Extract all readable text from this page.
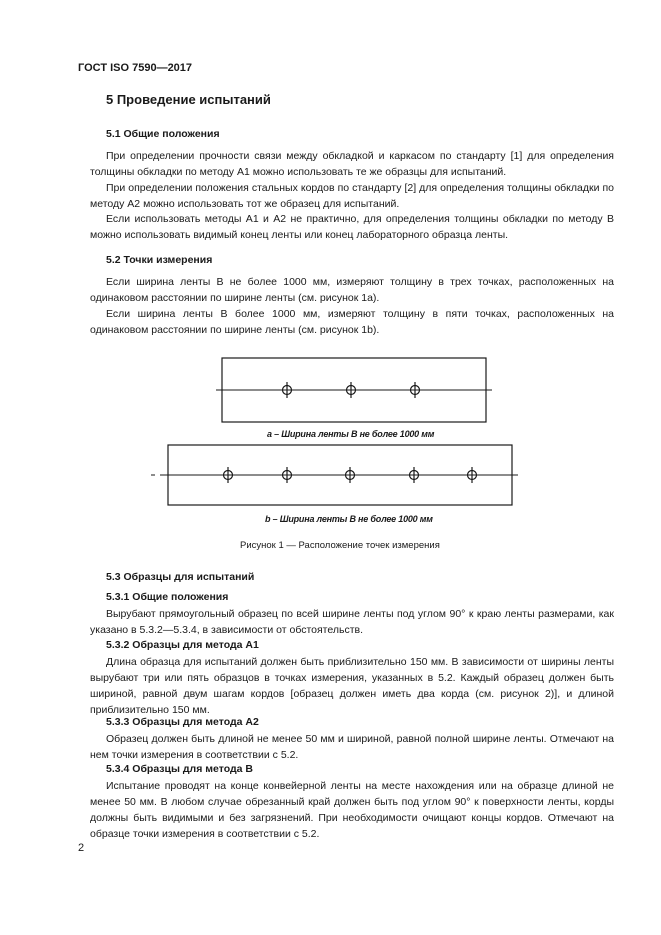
ГОСТ ISO 7590—2017
5 Проведение испытаний
5.1 Общие положения

При определении прочности связи между обкладкой и каркасом по стандарту [1] для определения толщины обкладки по методу А1 можно использовать те же образцы для испытаний.

При определении положения стальных кордов по стандарту [2] для определения толщины обкладки по методу А2 можно использовать тот же образец для испытаний.

Если использовать методы А1 и А2 не практично, для определения толщины обкладки по методу В можно использовать видимый конец ленты или конец лабораторного образца ленты.

5.2 Точки измерения

Если ширина ленты B не более 1000 мм, измеряют толщину в трех точках, расположенных на одинаковом расстоянии по ширине ленты (см. рисунок 1a).

Если ширина ленты B более 1000 мм, измеряют толщину в пяти точках, расположенных на одинаковом расстоянии по ширине ленты (см. рисунок 1b).

a – Ширина ленты B не более 1000 мм
b – Ширина ленты B не более 1000 мм
Рисунок 1 — Расположение точек измерения
5.3 Образцы для испытаний
5.3.1 Общие положения

Вырубают прямоугольный образец по всей ширине ленты под углом 90° к краю ленты размерами, как указано в 5.3.2—5.3.4, в зависимости от обстоятельств.

5.3.2 Образцы для метода А1

Длина образца для испытаний должен быть приблизительно 150 мм. В зависимости от ширины ленты вырубают три или пять образцов в точках измерения, указанных в 5.2. Каждый образец должен быть шириной, равной двум шагам кордов [образец должен иметь два корда (см. рисунок 2)], и длиной приблизительно 150 мм.

5.3.3 Образцы для метода А2

Образец должен быть длиной не менее 50 мм и шириной, равной полной ширине ленты. Отмечают на нем точки измерения в соответствии с 5.2.

5.3.4 Образцы для метода B

Испытание проводят на конце конвейерной ленты на месте нахождения или на образце длиной не менее 50 мм. В любом случае обрезанный край должен быть под углом 90° к поверхности ленты, корды должны быть видимыми и без загрязнений. При необходимости очищают концы кордов. Отмечают на образце точки измерения в соответствии с 5.2.

2
